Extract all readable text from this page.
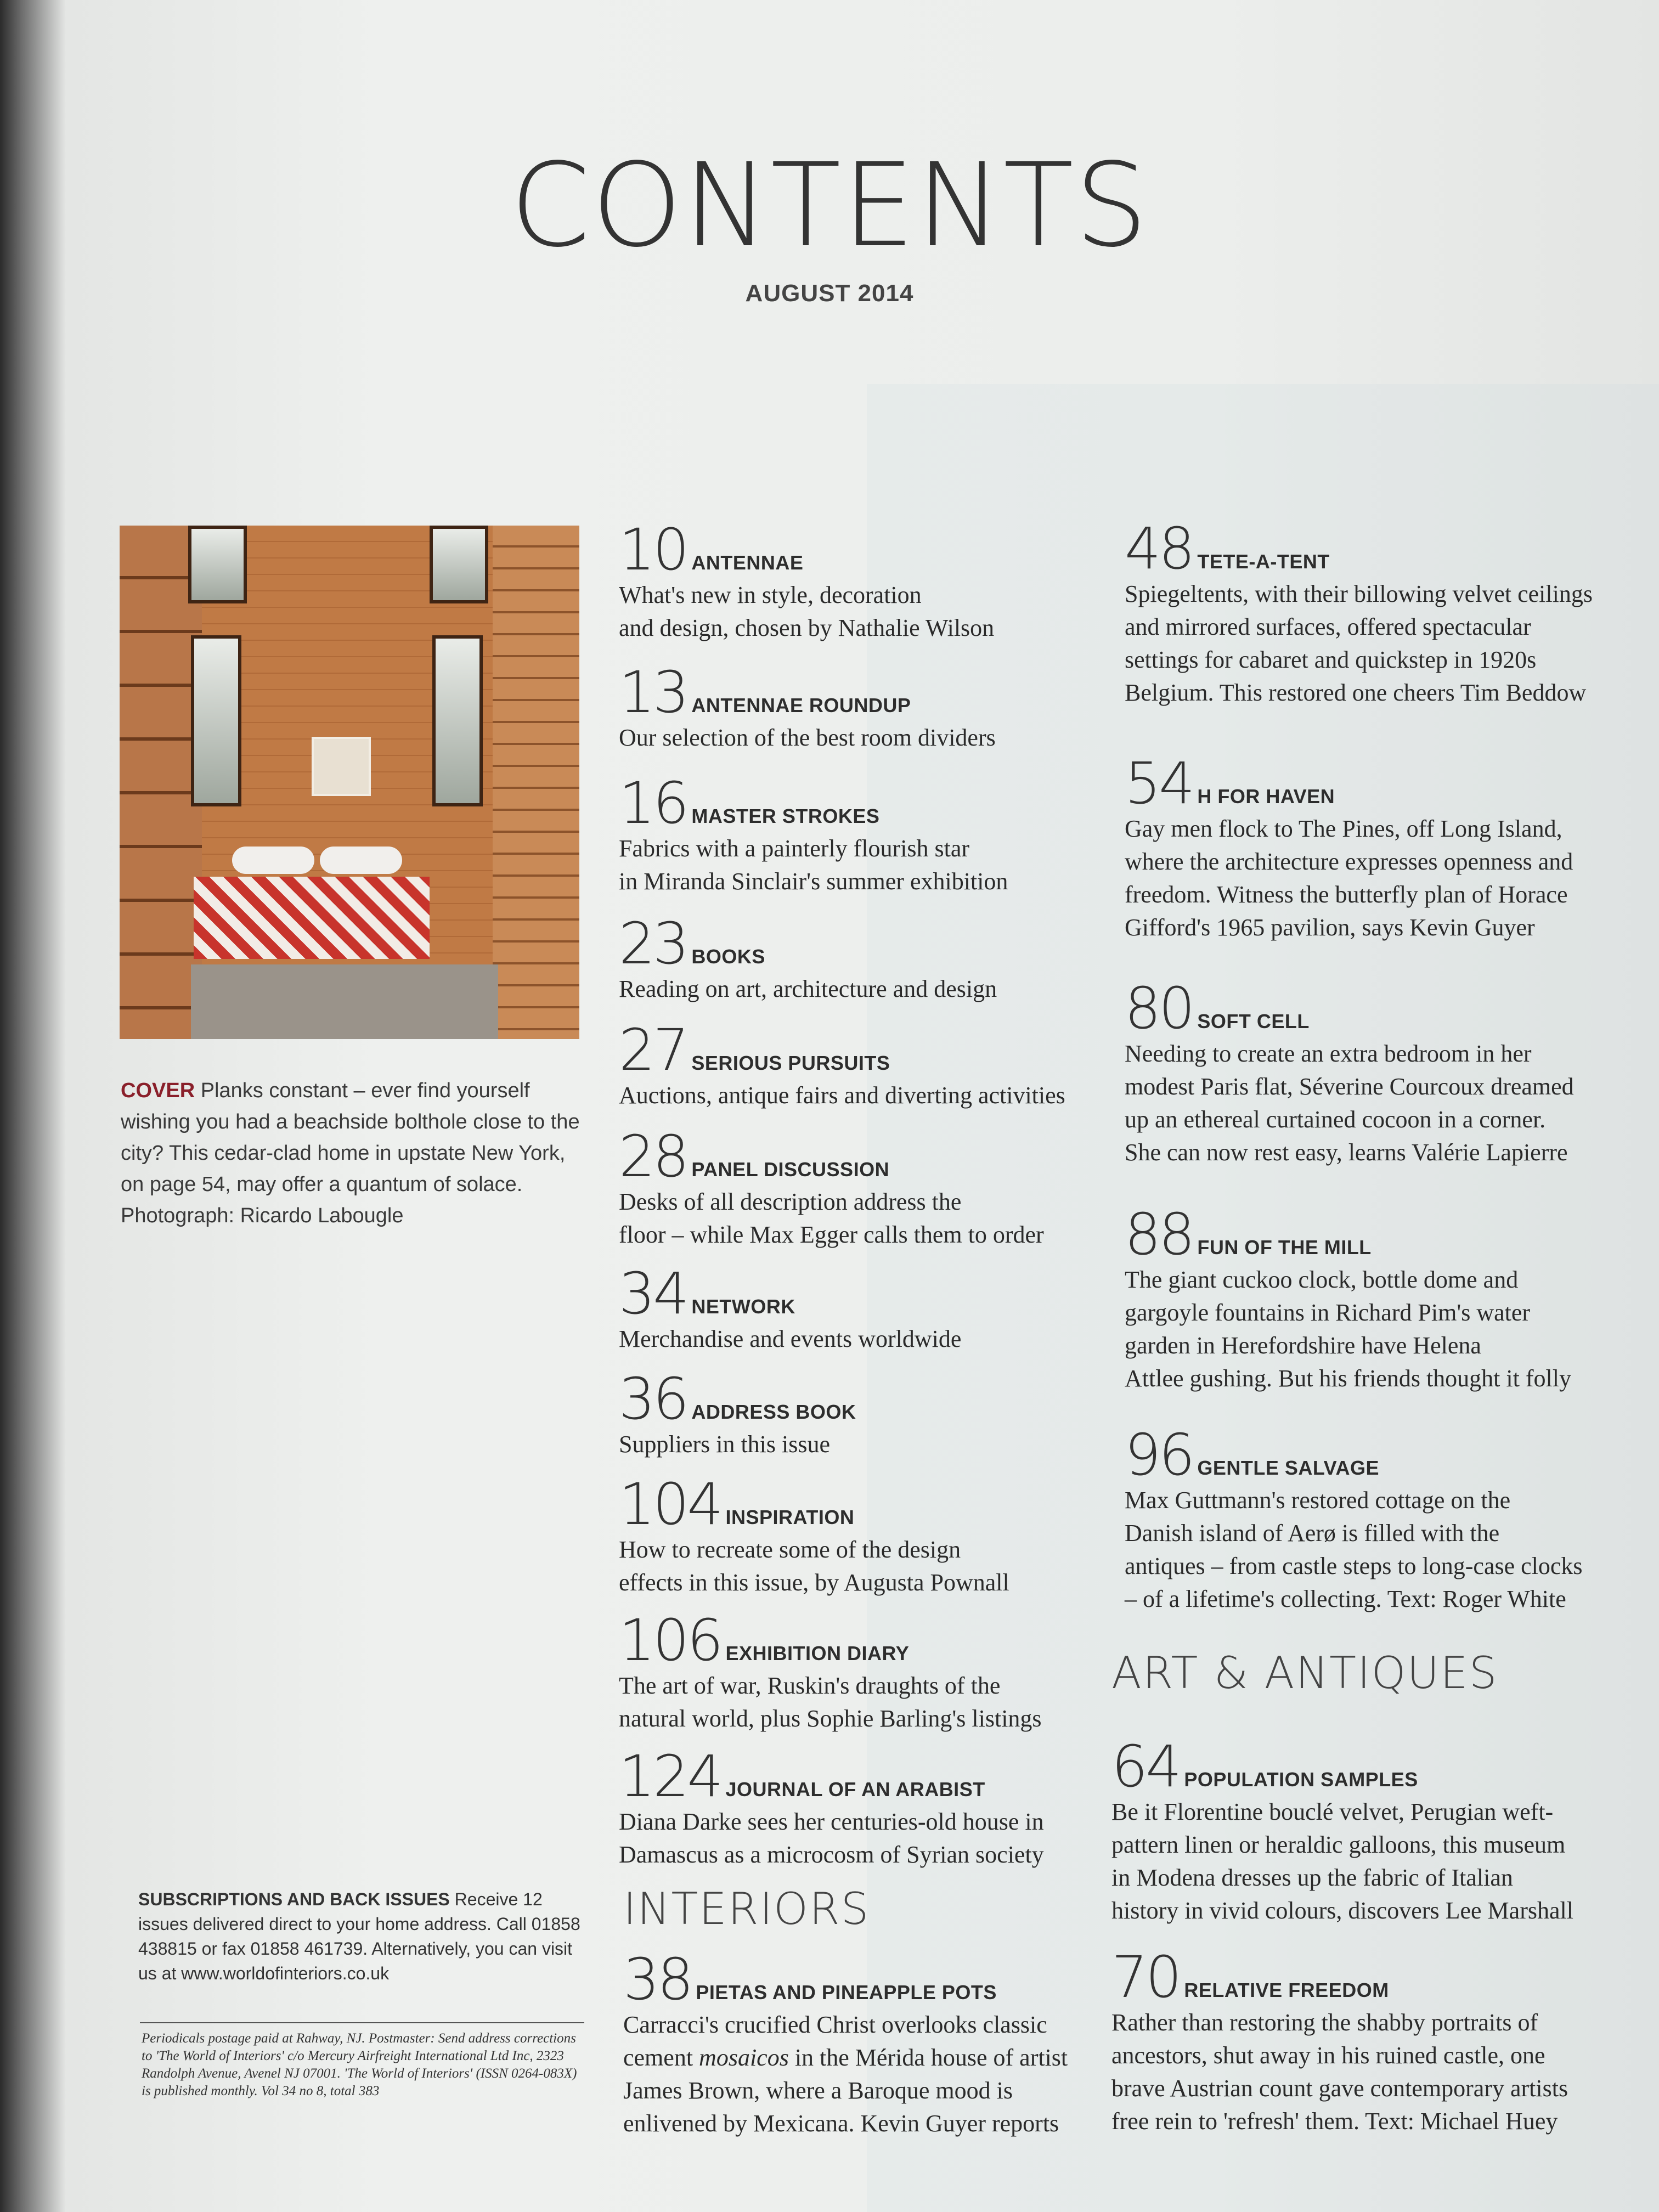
CONTENTS
AUGUST 2014

COVER Planks constant – ever find yourself wishing you had a beachside bolthole close to the city? This cedar-clad home in upstate New York, on page 54, may offer a quantum of solace. Photograph: Ricardo Labougle

SUBSCRIPTIONS AND BACK ISSUES Receive 12 issues delivered direct to your home address. Call 01858 438815 or fax 01858 461739. Alternatively, you can visit us at www.worldofinteriors.co.uk

Periodicals postage paid at Rahway, NJ. Postmaster: Send address corrections to 'The World of Interiors' c/o Mercury Airfreight International Ltd Inc, 2323 Randolph Avenue, Avenel NJ 07001. 'The World of Interiors' (ISSN 0264-083X) is published monthly. Vol 34 no 8, total 383

INTERIORS
ART & ANTIQUES
10 ANTENNAE
What's new in style, decoration
and design, chosen by Nathalie Wilson
13 ANTENNAE ROUNDUP
Our selection of the best room dividers
16 MASTER STROKES
Fabrics with a painterly flourish star
in Miranda Sinclair's summer exhibition
23 BOOKS
Reading on art, architecture and design
27 SERIOUS PURSUITS
Auctions, antique fairs and diverting activities
28 PANEL DISCUSSION
Desks of all description address the
floor – while Max Egger calls them to order
34 NETWORK
Merchandise and events worldwide
36 ADDRESS BOOK
Suppliers in this issue
104 INSPIRATION
How to recreate some of the design
effects in this issue, by Augusta Pownall
106 EXHIBITION DIARY
The art of war, Ruskin's draughts of the
natural world, plus Sophie Barling's listings
124 JOURNAL OF AN ARABIST
Diana Darke sees her centuries-old house in
Damascus as a microcosm of Syrian society
38 PIETAS AND PINEAPPLE POTS
Carracci's crucified Christ overlooks classic
cement mosaicos in the Mérida house of artist
James Brown, where a Baroque mood is
enlivened by Mexicana. Kevin Guyer reports
48 TETE-A-TENT
Spiegeltents, with their billowing velvet ceilings
and mirrored surfaces, offered spectacular
settings for cabaret and quickstep in 1920s
Belgium. This restored one cheers Tim Beddow
54 H FOR HAVEN
Gay men flock to The Pines, off Long Island,
where the architecture expresses openness and
freedom. Witness the butterfly plan of Horace
Gifford's 1965 pavilion, says Kevin Guyer
80 SOFT CELL
Needing to create an extra bedroom in her
modest Paris flat, Séverine Courcoux dreamed
up an ethereal curtained cocoon in a corner.
She can now rest easy, learns Valérie Lapierre
88 FUN OF THE MILL
The giant cuckoo clock, bottle dome and
gargoyle fountains in Richard Pim's water
garden in Herefordshire have Helena
Attlee gushing. But his friends thought it folly
96 GENTLE SALVAGE
Max Guttmann's restored cottage on the
Danish island of Aerø is filled with the
antiques – from castle steps to long-case clocks
– of a lifetime's collecting. Text: Roger White
64 POPULATION SAMPLES
Be it Florentine bouclé velvet, Perugian weft-
pattern linen or heraldic galloons, this museum
in Modena dresses up the fabric of Italian
history in vivid colours, discovers Lee Marshall
70 RELATIVE FREEDOM
Rather than restoring the shabby portraits of
ancestors, shut away in his ruined castle, one
brave Austrian count gave contemporary artists
free rein to 'refresh' them. Text: Michael Huey
